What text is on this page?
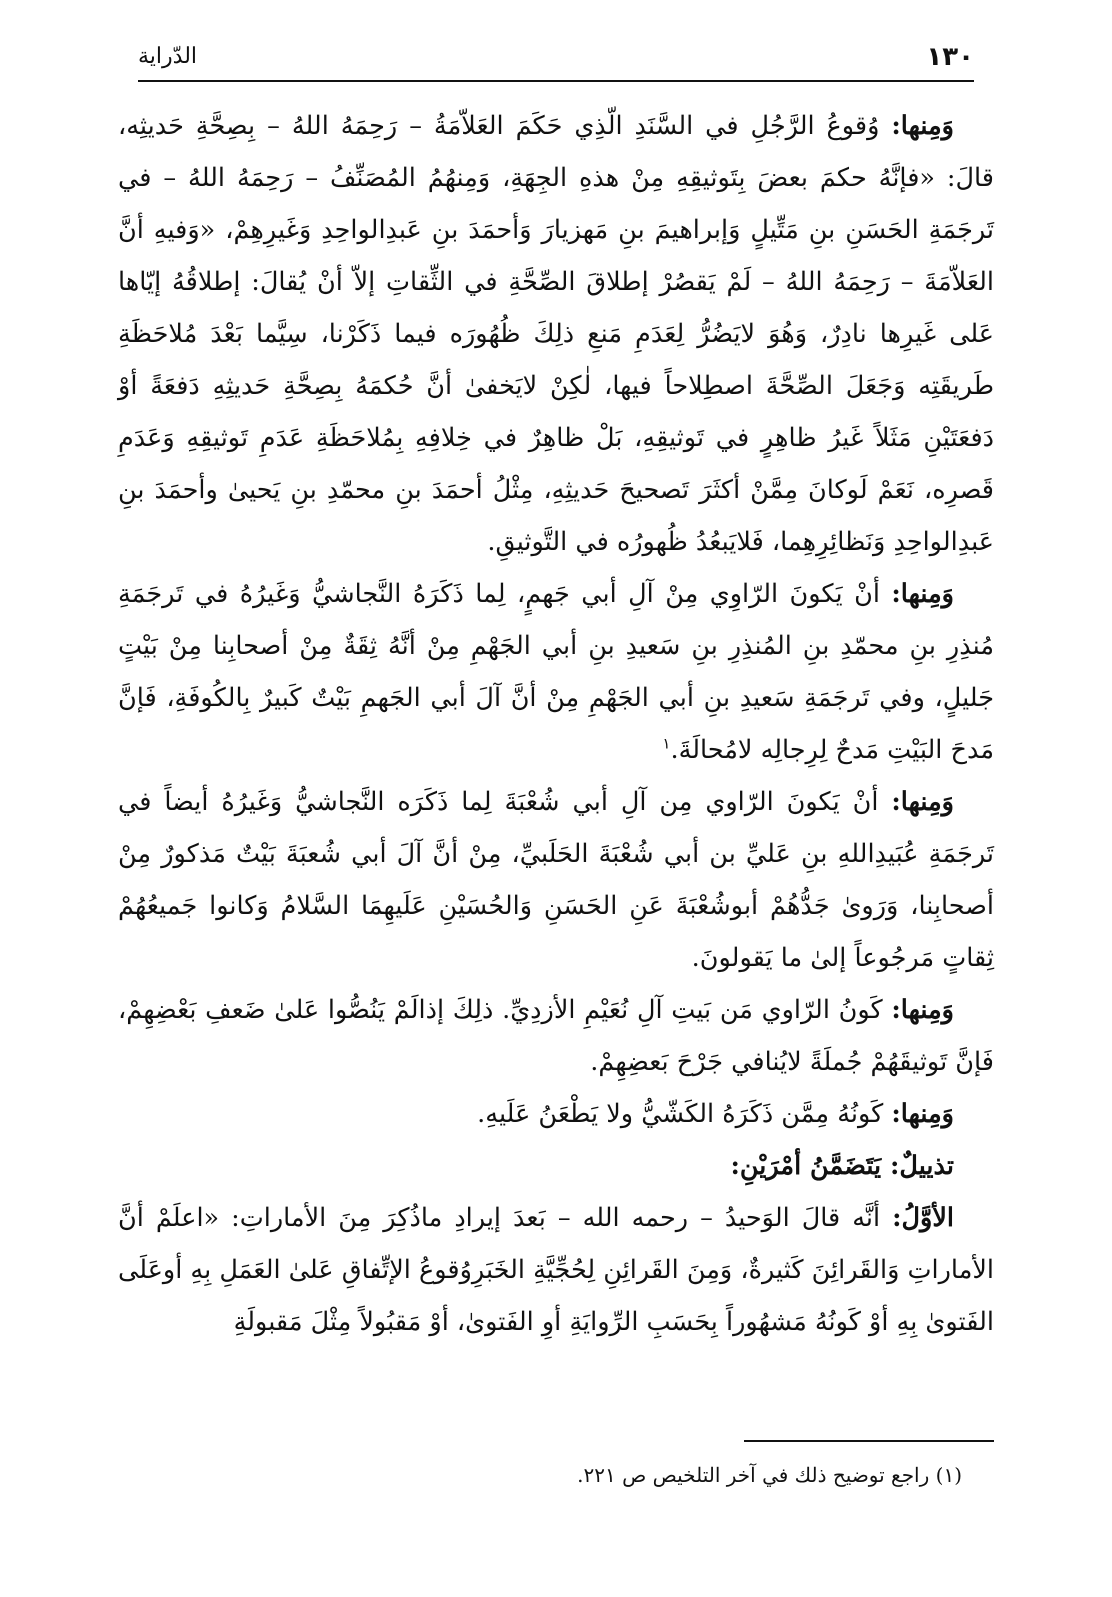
١٣٠
الدّراية

وَمِنها: وُقوعُ الرَّجُلِ في السَّنَدِ الّذِي حَكَمَ العَلاّمَةُ – رَحِمَهُ اللهُ – بِصِحَّةِ حَديثِه، قالَ: «فإنَّهُ حكمَ بعضَ بِتَوثيقِهِ مِنْ هذهِ الجِهَةِ، وَمِنهُمُ المُصَنِّفُ – رَحِمَهُ اللهُ – في تَرجَمَةِ الحَسَنِ بنِ مَتِّيلٍ وَإبراهيمَ بنِ مَهزيارَ وَأحمَدَ بنِ عَبدِالواحِدِ وَغَيرِهِمْ، «وَفيهِ أنَّ العَلاّمَةَ – رَحِمَهُ اللهُ – لَمْ يَقصُرْ إطلاقَ الصِّحَّةِ في الثِّقاتِ إلاّ أنْ يُقالَ: إطلاقُهُ إيّاها عَلى غَيرِها نادِرٌ، وَهُوَ لايَضُرُّ لِعَدَمِ مَنعِ ذلِكَ ظُهُورَه فيما ذَكَرْنا، سِيَّما بَعْدَ مُلاحَظَةِ طَريقَتِه وَجَعَلَ الصِّحَّةَ اصطِلاحاً فيها، لٰكِنْ لايَخفىٰ أنَّ حُكمَهُ بِصِحَّةِ حَديثِهِ دَفعَةً أوْ دَفعَتَيْنِ مَثَلاً غَيرُ ظاهِرٍ في تَوثيقِهِ، بَلْ ظاهِرٌ في خِلافِهِ بِمُلاحَظَةِ عَدَمِ تَوثيقِهِ وَعَدَمِ قَصرِه، نَعَمْ لَوكانَ مِمَّنْ أكثَرَ تَصحيحَ حَديثِهِ، مِثْلُ أحمَدَ بنِ محمّدِ بنِ يَحيىٰ وأحمَدَ بنِ عَبدِالواحِدِ وَنَظائِرِهِما، فَلايَبعُدُ ظُهورُه في التَّوثيقِ.

وَمِنها: أنْ يَكونَ الرّاوِي مِنْ آلِ أبي جَهمٍ، لِما ذَكَرَهُ النَّجاشيُّ وَغَيرُهُ في تَرجَمَةِ مُنذِرِ بنِ محمّدِ بنِ المُنذِرِ بنِ سَعيدِ بنِ أبي الجَهْمِ مِنْ أنَّهُ ثِقَةٌ مِنْ أصحابِنا مِنْ بَيْتٍ جَليلٍ، وفي تَرجَمَةِ سَعيدِ بنِ أبي الجَهْمِ مِنْ أنَّ آلَ أبي الجَهمِ بَيْتٌ كَبيرٌ بِالكُوفَةِ، فَإنَّ مَدحَ البَيْتِ مَدحٌ لِرِجالِه لامُحالَةَ.$^١$

وَمِنها: أنْ يَكونَ الرّاوي مِن آلِ أبي شُعْبَةَ لِما ذَكَرَه النَّجاشيُّ وَغَيرُهُ أيضاً في تَرجَمَةِ عُبَيدِاللهِ بنِ عَليِّ بن أبي شُعْبَةَ الحَلَبيِّ، مِنْ أنَّ آلَ أبي شُعبَةَ بَيْتٌ مَذكورٌ مِنْ أصحابِنا، وَرَوىٰ جَدُّهُمْ أبوشُعْبَةَ عَنِ الحَسَنِ وَالحُسَيْنِ عَلَيهِمَا السَّلامُ وَكانوا جَميعُهُمْ ثِقاتٍ مَرجُوعاً إلىٰ ما يَقولونَ.

وَمِنها: كَونُ الرّاوي مَن بَيتِ آلِ نُعَيْمِ الأزدِيِّ. ذلِكَ إذالَمْ يَنُصُّوا عَلىٰ ضَعفِ بَعْضِهِمْ، فَإنَّ تَوثيقَهُمْ جُملَةً لايُنافي جَرْحَ بَعضِهِمْ.

وَمِنها: كَونُهُ مِمَّن ذَكَرَهُ الكَشّيُّ ولا يَطْعَنُ عَلَيهِ.

تذييلٌ: يَتَضَمَّنُ أمْرَيْنِ:

الأوَّلُ: أنَّه قالَ الوَحيدُ – رحمه الله – بَعدَ إيرادِ ماذُكِرَ مِنَ الأماراتِ: «اعلَمْ أنَّ الأماراتِ وَالقَرائِنَ كَثيرةٌ، وَمِنَ القَرائِنِ لِحُجِّيَّةِ الخَبَرِوُقوعُ الإتِّفاقِ عَلىٰ العَمَلِ بِهِ أوعَلَى الفَتوىٰ بِهِ أوْ كَونُهُ مَشهُوراً بِحَسَبِ الرِّوايَةِ أوِ الفَتوىٰ، أوْ مَقبُولاً مِثْلَ مَقبولَةِ

(١) راجع توضيح ذلك في آخر التلخيص ص ٢٢١.
